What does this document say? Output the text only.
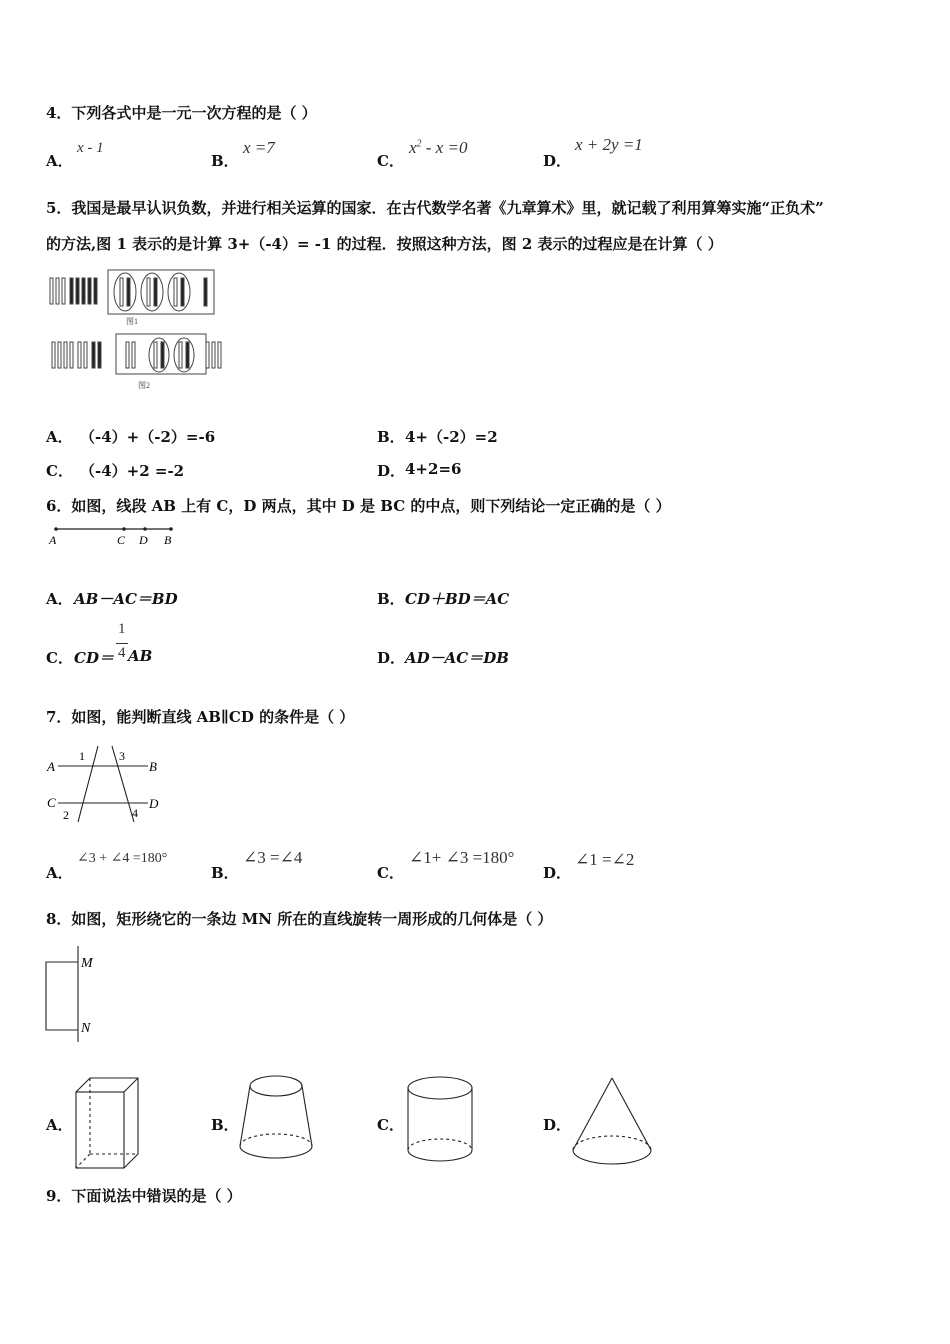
4．下列各式中是一元一次方程的是（ ）
A．
x - 1
B．
x =7
C．
$x^2 - x =0$
D．
x + 2y =1
5．我国是最早认识负数，并进行相关运算的国家．在古代数学名著《九章算术》里，就记载了利用算筹实施“正负术”
的方法,图 1 表示的是计算 3+（-4）= -1 的过程．按照这种方法，图 2 表示的过程应是在计算（ ）
图1
图2
A． （-4）+（-2）=-6	B． 4+（-2）=2
C． （-4）+2 =-2	D． 4+2=6
6．如图，线段 AB 上有 C，D 两点，其中 D 是 BC 的中点，则下列结论一定正确的是（ ）
A	C D B
A． AB－AC＝BD	B． CD＋BD＝AC
C． CD＝
1
4 AB	D． AD－AC＝DB
7．如图，能判断直线 AB∥CD 的条件是（ ）
A	B
C	D
1
2
3
4
A．
∠3 + ∠4 =180°
B．
∠3 =∠4
C．
∠1+ ∠3 =180°
D．
∠1 =∠2
8．如图，矩形绕它的一条边 MN 所在的直线旋转一周形成的几何体是（ ）
M
N
A．	B．	C．	D．
9．下面说法中错误的是（ ）
